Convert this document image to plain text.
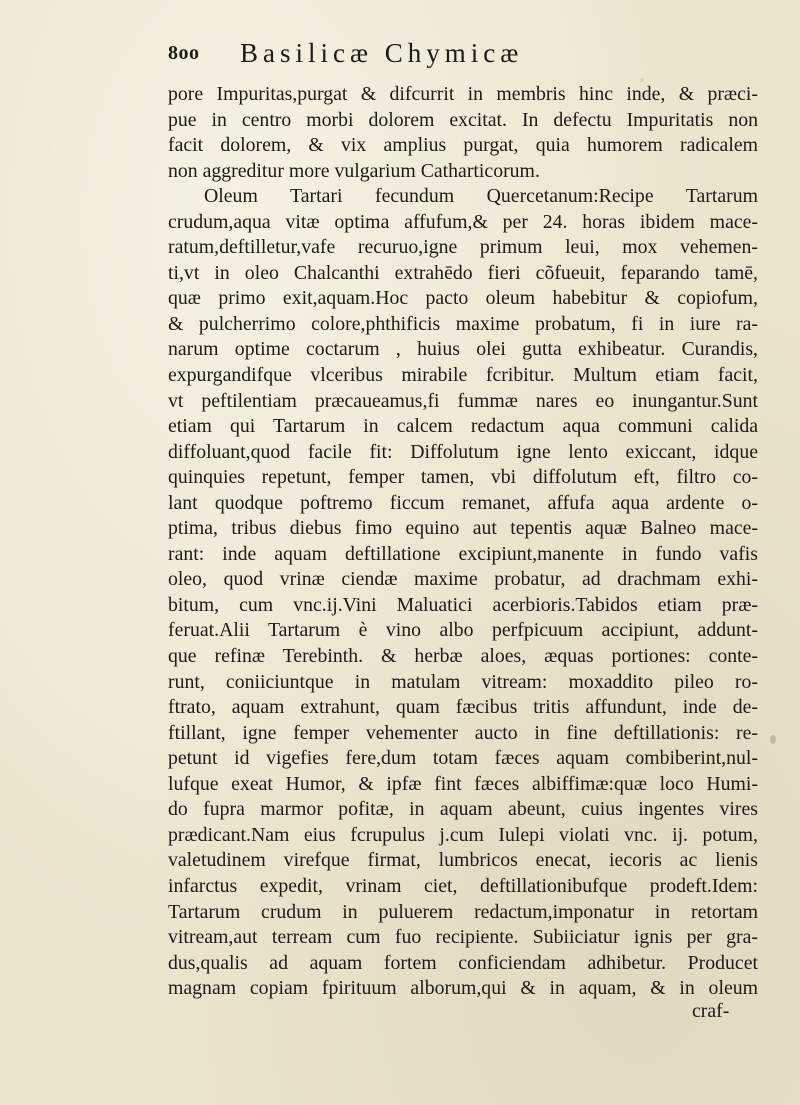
8oo Basilicæ Chymicæ
pore Impuritas,purgat & difcurrit in membris hinc inde, & præci-
pue in centro morbi dolorem excitat. In defectu Impuritatis non
facit dolorem, & vix amplius purgat, quia humorem radicalem
non aggreditur more vulgarium Catharticorum.
Oleum Tartari fecundum Quercetanum:Recipe Tartarum
crudum,aqua vitæ optima affufum,& per 24. horas ibidem mace-
ratum,deftilletur,vafe recuruo,igne primum leui, mox vehemen-
ti,vt in oleo Chalcanthi extrahēdo fieri cõfueuit, feparando tamē,
quæ primo exit,aquam.Hoc pacto oleum habebitur & copiofum,
& pulcherrimo colore,phthificis maxime probatum, fi in iure ra-
narum optime coctarum , huius olei gutta exhibeatur. Curandis,
expurgandifque vlceribus mirabile fcribitur. Multum etiam facit,
vt peftilentiam præcaueamus,fi fummæ nares eo inungantur.Sunt
etiam qui Tartarum in calcem redactum aqua communi calida
diffoluant,quod facile fit: Diffolutum igne lento exiccant, idque
quinquies repetunt, femper tamen, vbi diffolutum eft, filtro co-
lant quodque poftremo ficcum remanet, affufa aqua ardente o-
ptima, tribus diebus fimo equino aut tepentis aquæ Balneo mace-
rant: inde aquam deftillatione excipiunt,manente in fundo vafis
oleo, quod vrinæ ciendæ maxime probatur, ad drachmam exhi-
bitum, cum vnc.ij.Vini Maluatici acerbioris.Tabidos etiam præ-
feruat.Alii Tartarum è vino albo perfpicuum accipiunt, addunt-
que refinæ Terebinth. & herbæ aloes, æquas portiones: conte-
runt, coniiciuntque in matulam vitream: moxaddito pileo ro-
ftrato, aquam extrahunt, quam fæcibus tritis affundunt, inde de-
ftillant, igne femper vehementer aucto in fine deftillationis: re-
petunt id vigefies fere,dum totam fæces aquam combiberint,nul-
lufque exeat Humor, & ipfæ fint fæces albiffimæ:quæ loco Humi-
do fupra marmor pofitæ, in aquam abeunt, cuius ingentes vires
prædicant.Nam eius fcrupulus j.cum Iulepi violati vnc. ij. potum,
valetudinem virefque firmat, lumbricos enecat, iecoris ac lienis
infarctus expedit, vrinam ciet, deftillationibufque prodeft.Idem:
Tartarum crudum in puluerem redactum,imponatur in retortam
vitream,aut terream cum fuo recipiente. Subiiciatur ignis per gra-
dus,qualis ad aquam fortem conficiendam adhibetur. Producet
magnam copiam fpirituum alborum,qui & in aquam, & in oleum
craf-
